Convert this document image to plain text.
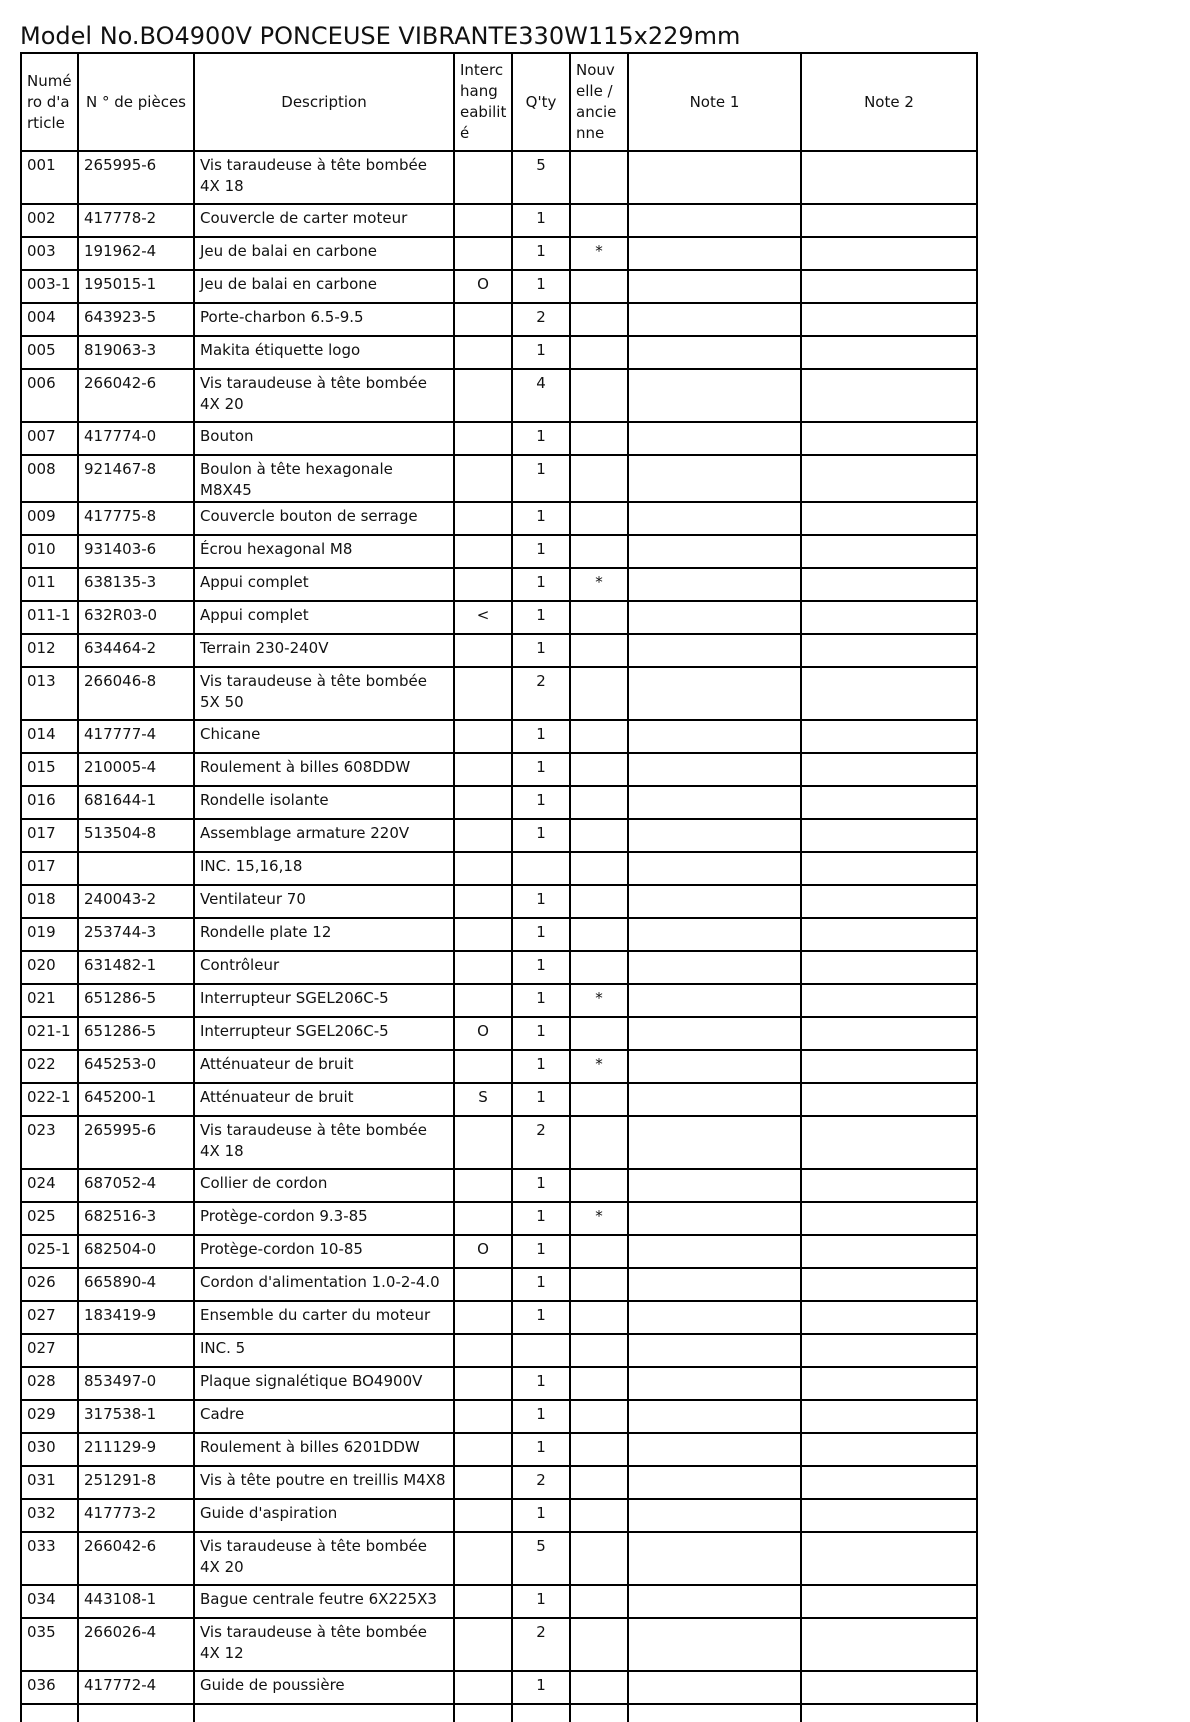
Model No.BO4900V PONCEUSE VIBRANTE330W115x229mm
Numé ro d'a rticle	N ° de pièces	Description	Interc hang eabilit é	Q'ty	Nouv elle / ancie nne	Note 1	Note 2
001	265995-6	Vis taraudeuse à tête bombée 4X 18		5			
002	417778-2	Couvercle de carter moteur		1			
003	191962-4	Jeu de balai en carbone		1	*		
003-1	195015-1	Jeu de balai en carbone	O	1			
004	643923-5	Porte-charbon 6.5-9.5		2			
005	819063-3	Makita étiquette logo		1			
006	266042-6	Vis taraudeuse à tête bombée 4X 20		4			
007	417774-0	Bouton		1			
008	921467-8	Boulon à tête hexagonale M8X45		1			
009	417775-8	Couvercle bouton de serrage		1			
010	931403-6	Écrou hexagonal M8		1			
011	638135-3	Appui complet		1	*		
011-1	632R03-0	Appui complet	<	1			
012	634464-2	Terrain 230-240V		1			
013	266046-8	Vis taraudeuse à tête bombée 5X 50		2			
014	417777-4	Chicane		1			
015	210005-4	Roulement à billes 608DDW		1			
016	681644-1	Rondelle isolante		1			
017	513504-8	Assemblage armature 220V		1			
017		INC. 15,16,18					
018	240043-2	Ventilateur 70		1			
019	253744-3	Rondelle plate 12		1			
020	631482-1	Contrôleur		1			
021	651286-5	Interrupteur SGEL206C-5		1	*		
021-1	651286-5	Interrupteur SGEL206C-5	O	1			
022	645253-0	Atténuateur de bruit		1	*		
022-1	645200-1	Atténuateur de bruit	S	1			
023	265995-6	Vis taraudeuse à tête bombée 4X 18		2			
024	687052-4	Collier de cordon		1			
025	682516-3	Protège-cordon 9.3-85		1	*		
025-1	682504-0	Protège-cordon 10-85	O	1			
026	665890-4	Cordon d'alimentation 1.0-2-4.0		1			
027	183419-9	Ensemble du carter du moteur		1			
027		INC. 5					
028	853497-0	Plaque signalétique BO4900V		1			
029	317538-1	Cadre		1			
030	211129-9	Roulement à billes 6201DDW		1			
031	251291-8	Vis à tête poutre en treillis M4X8		2			
032	417773-2	Guide d'aspiration		1			
033	266042-6	Vis taraudeuse à tête bombée 4X 20		5			
034	443108-1	Bague centrale feutre 6X225X3		1			
035	266026-4	Vis taraudeuse à tête bombée 4X 12		2			
036	417772-4	Guide de poussière		1			
